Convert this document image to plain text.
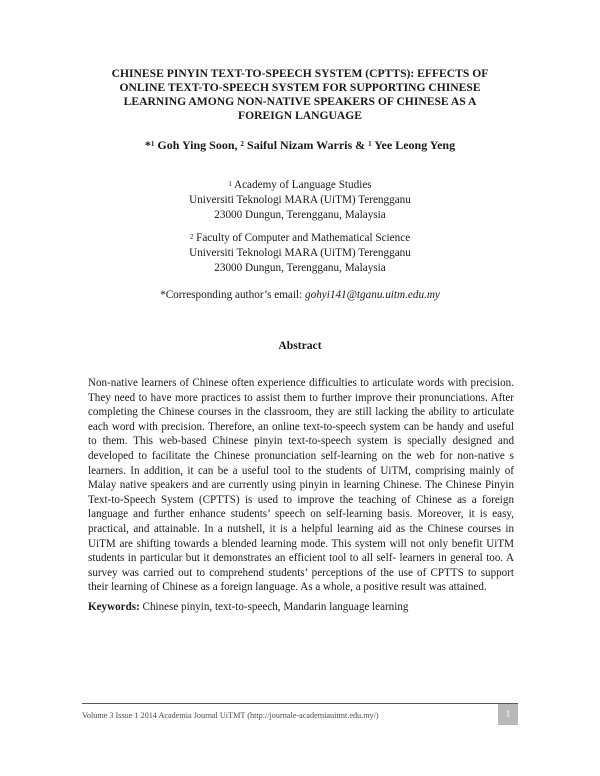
CHINESE PINYIN TEXT-TO-SPEECH SYSTEM (CPTTS): EFFECTS OF ONLINE TEXT-TO-SPEECH SYSTEM FOR SUPPORTING CHINESE LEARNING AMONG NON-NATIVE SPEAKERS OF CHINESE AS A FOREIGN LANGUAGE
*$^1$ Goh Ying Soon, $^2$ Saiful Nizam Warris & $^1$ Yee Leong Yeng
$^1$ Academy of Language Studies
Universiti Teknologi MARA (UiTM) Terengganu
23000 Dungun, Terengganu, Malaysia
$^2$ Faculty of Computer and Mathematical Science
Universiti Teknologi MARA (UiTM) Terengganu
23000 Dungun, Terengganu, Malaysia
*Corresponding author’s email: gohyi141@tganu.uitm.edu.my
Abstract

Non-native learners of Chinese often experience difficulties to articulate words with precision. They need to have more practices to assist them to further improve their pronunciations. After completing the Chinese courses in the classroom, they are still lacking the ability to articulate each word with precision. Therefore, an online text-to-speech system can be handy and useful to them. This web-based Chinese pinyin text-to-speech system is specially designed and developed to facilitate the Chinese pronunciation self-learning on the web for non-native s learners. In addition, it can be a useful tool to the students of UiTM, comprising mainly of Malay native speakers and are currently using pinyin in learning Chinese. The Chinese Pinyin Text-to-Speech System (CPTTS) is used to improve the teaching of Chinese as a foreign language and further enhance students’ speech on self-learning basis. Moreover, it is easy, practical, and attainable. In a nutshell, it is a helpful learning aid as the Chinese courses in UiTM are shifting towards a blended learning mode. This system will not only benefit UiTM students in particular but it demonstrates an efficient tool to all self- learners in general too. A survey was carried out to comprehend students’ perceptions of the use of CPTTS to support their learning of Chinese as a foreign language. As a whole, a positive result was attained.

Keywords: Chinese pinyin, text-to-speech, Mandarin language learning
Volume 3 Issue 1 2014 Academia Journal UiTMT (http://journale-academiauitmt.edu.my/)	1
